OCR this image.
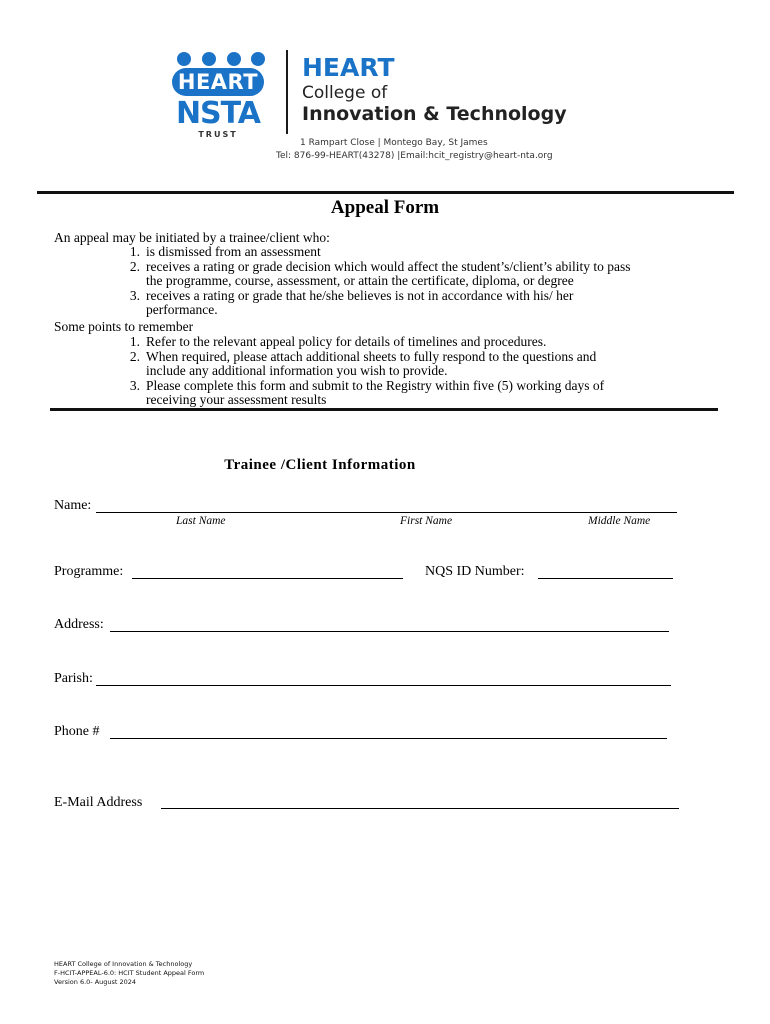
HEART
NSTA
TRUST
HEART
College of
Innovation & Technology
1 Rampart Close | Montego Bay, St James
Tel: 876-99-HEART(43278) |Email:hcit_registry@heart-nta.org
Appeal Form
An appeal may be initiated by a trainee/client who:
1. is dismissed from an assessment
2. receives a rating or grade decision which would affect the student’s/client’s ability to pass
the programme, course, assessment, or attain the certificate, diploma, or degree
3. receives a rating or grade that he/she believes is not in accordance with his/ her
performance.
Some points to remember
1. Refer to the relevant appeal policy for details of timelines and procedures.
2. When required, please attach additional sheets to fully respond to the questions and
include any additional information you wish to provide.
3. Please complete this form and submit to the Registry within five (5) working days of
receiving your assessment results
Trainee /Client Information
Name:
Last Name	First Name	Middle Name
Programme:	NQS ID Number:
Address:
Parish:
Phone #
E-Mail Address
HEART College of Innovation & Technology
F-HCIT-APPEAL-6.0: HCIT Student Appeal Form
Version 6.0- August 2024
